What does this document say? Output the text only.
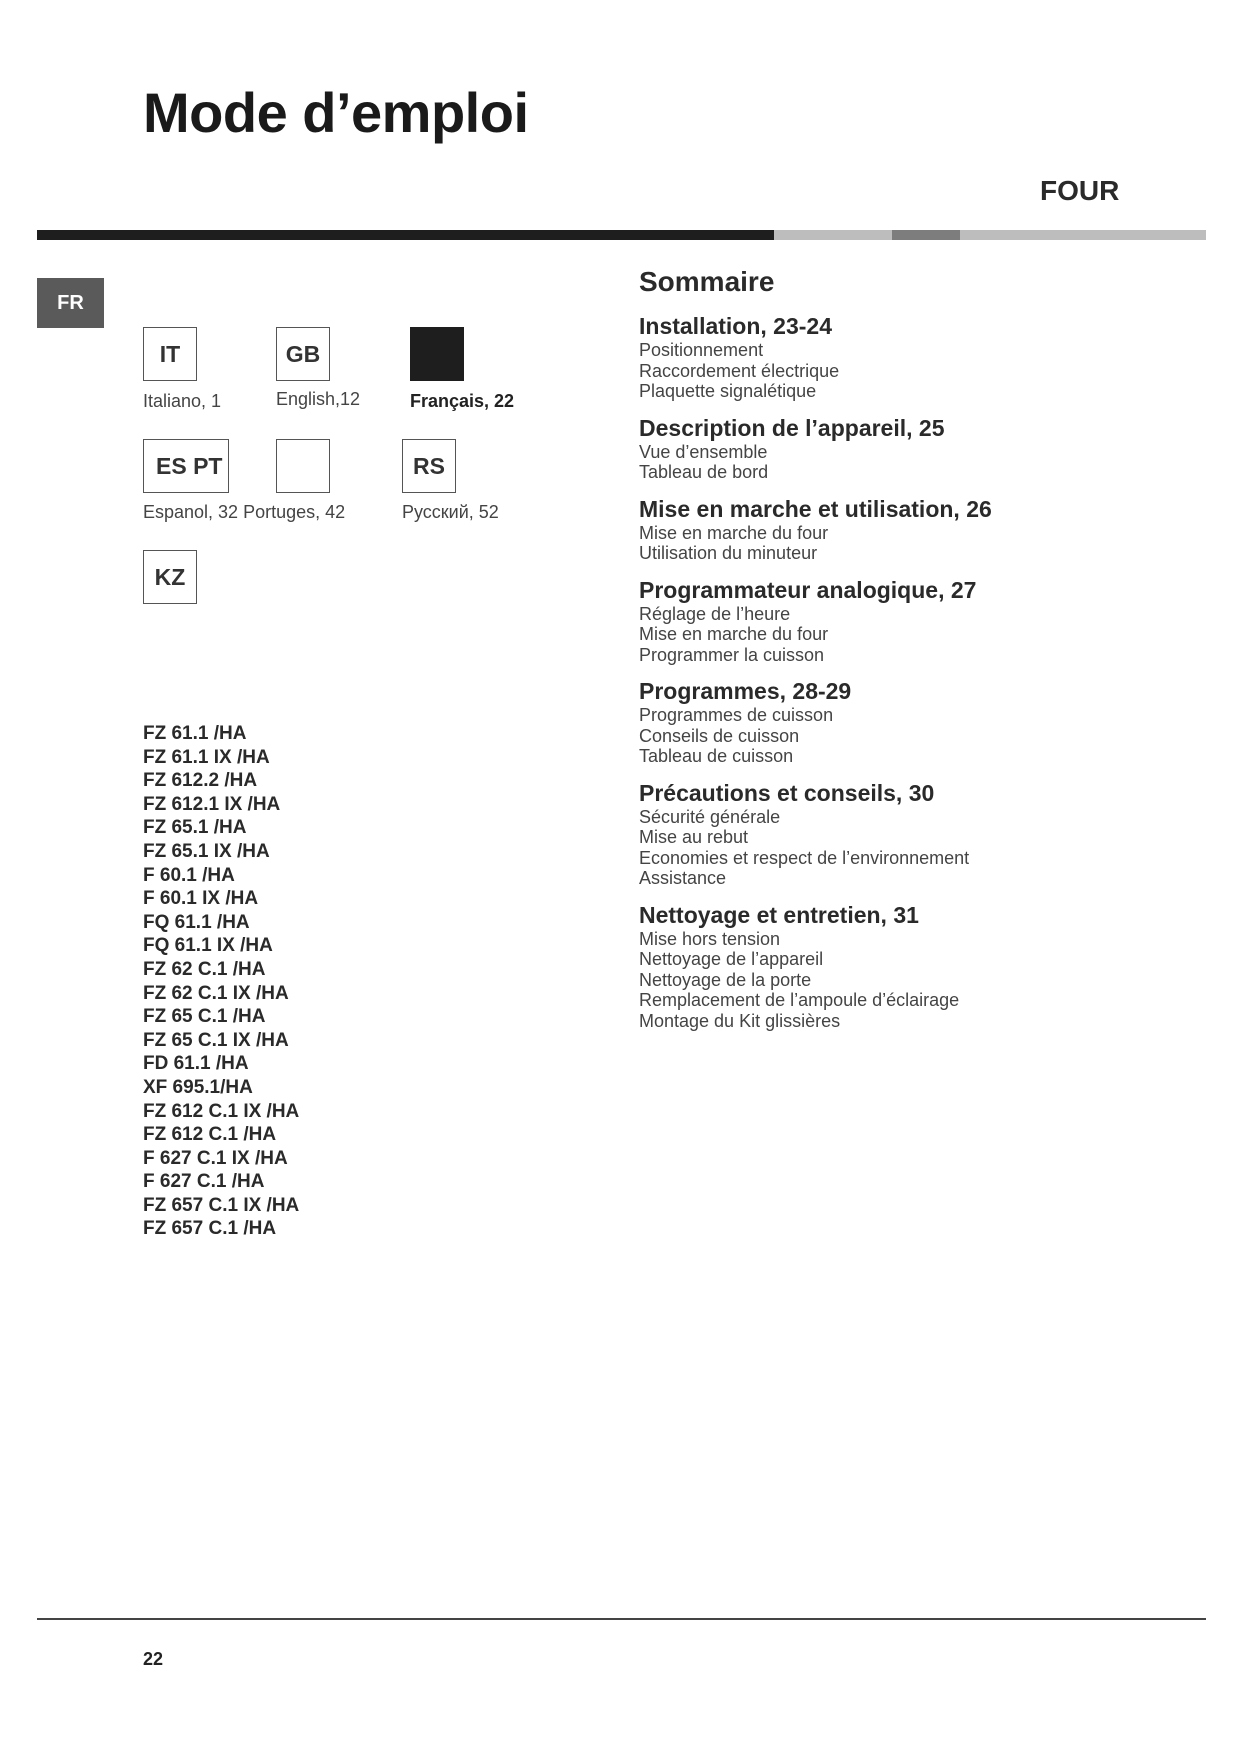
Mode d’emploi
FOUR
FR
IT
Italiano, 1
GB
English,12	Français, 22
ES PT
Espanol, 32 Portuges, 42
RS
Русский, 52
KZ
FZ 61.1 /HA
FZ 61.1 IX /HA
FZ 612.2 /HA
FZ 612.1 IX /HA
FZ 65.1 /HA
FZ 65.1 IX /HA
F 60.1 /HA
F 60.1 IX /HA
FQ 61.1 /HA
FQ 61.1 IX /HA
FZ 62 C.1 /HA
FZ 62 C.1 IX /HA
FZ 65 C.1 /HA
FZ 65 C.1 IX /HA
FD 61.1 /HA
XF 695.1/HA
FZ 612 C.1 IX /HA
FZ 612 C.1 /HA
F 627 C.1 IX /HA
F 627 C.1 /HA
FZ 657 C.1 IX /HA
FZ 657 C.1 /HA
Sommaire
Installation, 23-24
Positionnement
Raccordement électrique
Plaquette signalétique
Description de l’appareil, 25
Vue d’ensemble
Tableau de bord
Mise en marche et utilisation, 26
Mise en marche du four
Utilisation du minuteur
Programmateur analogique, 27
Réglage de l’heure
Mise en marche du four
Programmer la cuisson
Programmes, 28-29
Programmes de cuisson
Conseils de cuisson
Tableau de cuisson
Précautions et conseils, 30
Sécurité générale
Mise au rebut
Economies et respect de l’environnement
Assistance
Nettoyage et entretien, 31
Mise hors tension
Nettoyage de l’appareil
Nettoyage de la porte
Remplacement de l’ampoule d’éclairage
Montage du Kit glissières
22
